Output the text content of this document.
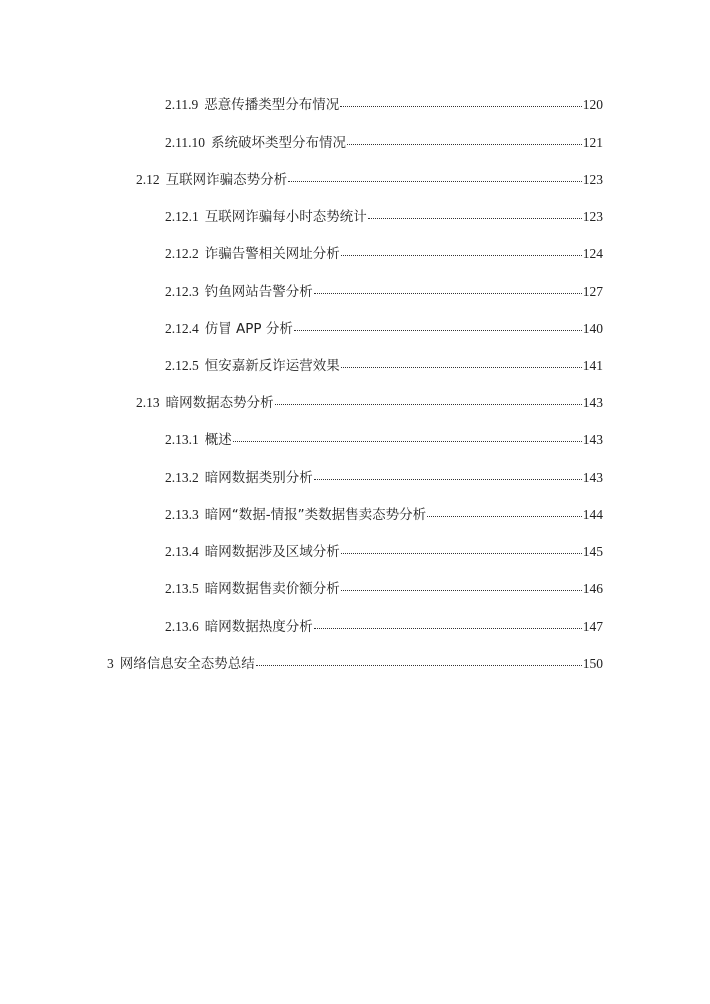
2.11.9 恶意传播类型分布情况	120
2.11.10 系统破坏类型分布情况	121
2.12 互联网诈骗态势分析	123
2.12.1 互联网诈骗每小时态势统计	123
2.12.2 诈骗告警相关网址分析	124
2.12.3 钓鱼网站告警分析	127
2.12.4 仿冒 APP 分析	140
2.12.5 恒安嘉新反诈运营效果	141
2.13 暗网数据态势分析	143
2.13.1 概述	143
2.13.2 暗网数据类别分析	143
2.13.3 暗网“数据-情报”类数据售卖态势分析	144
2.13.4 暗网数据涉及区域分析	145
2.13.5 暗网数据售卖价额分析	146
2.13.6 暗网数据热度分析	147
3 网络信息安全态势总结	150
